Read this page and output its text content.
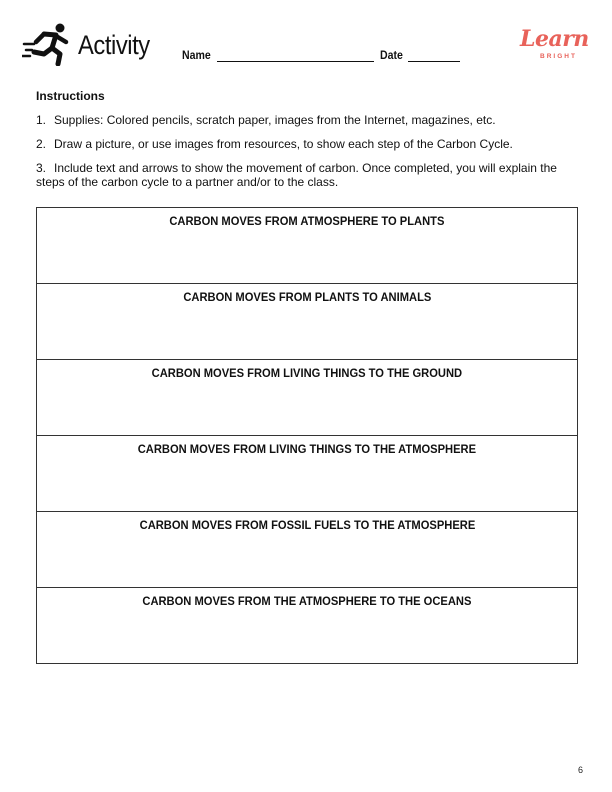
Activity	Name	Date
Learn
BRIGHT
Instructions
1. Supplies: Colored pencils, scratch paper, images from the Internet, magazines, etc.
2. Draw a picture, or use images from resources, to show each step of the Carbon Cycle.
3. Include text and arrows to show the movement of carbon. Once completed, you will explain the steps of the carbon cycle to a partner and/or to the class.
CARBON MOVES FROM ATMOSPHERE TO PLANTS
CARBON MOVES FROM PLANTS TO ANIMALS
CARBON MOVES FROM LIVING THINGS TO THE GROUND
CARBON MOVES FROM LIVING THINGS TO THE ATMOSPHERE
CARBON MOVES FROM FOSSIL FUELS TO THE ATMOSPHERE
CARBON MOVES FROM THE ATMOSPHERE TO THE OCEANS
6
